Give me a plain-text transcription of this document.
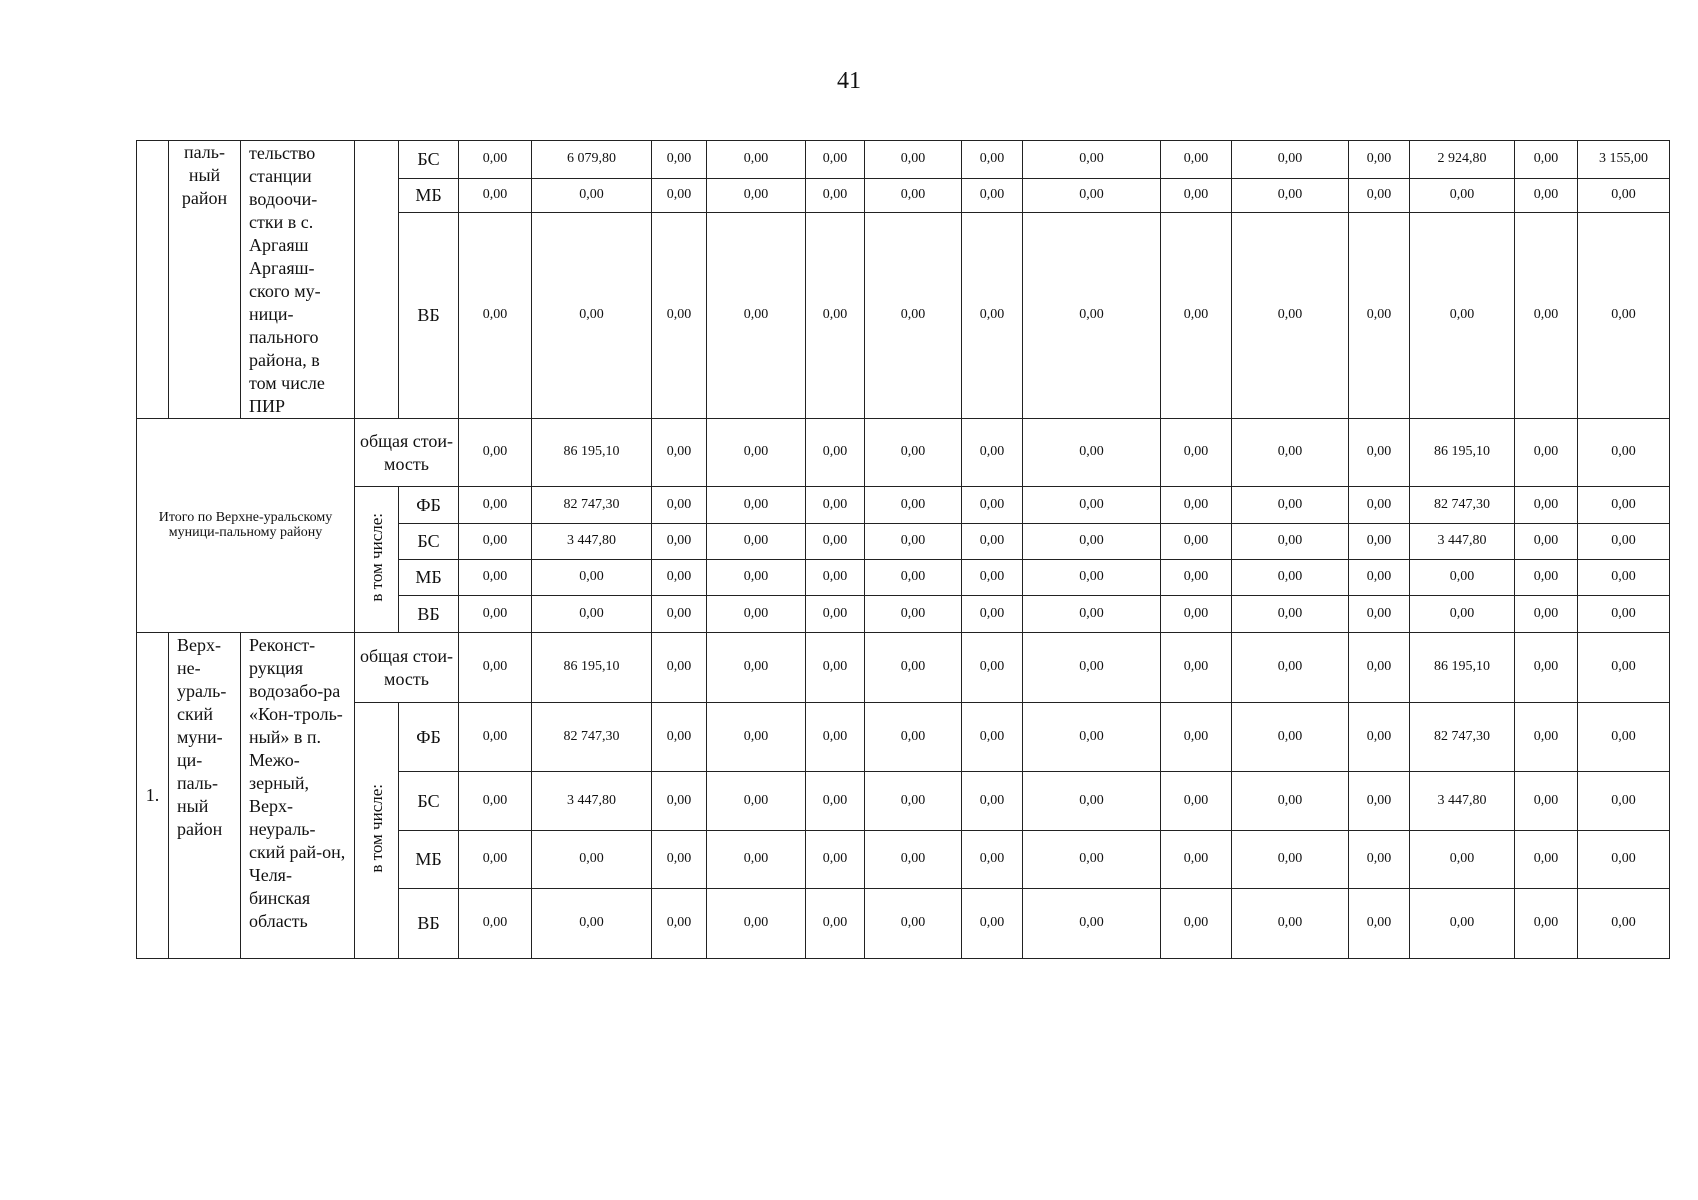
41
	паль-ный район	тельство станции водоочи-стки в с. Аргаяш Аргаяш-ского му-ници-пального района, в том числе ПИР		БС	0,00	6 079,80	0,00	0,00	0,00	0,00	0,00	0,00	0,00	0,00	0,00	2 924,80	0,00	3 155,00
				МБ	0,00	0,00	0,00	0,00	0,00	0,00	0,00	0,00	0,00	0,00	0,00	0,00	0,00	0,00
				ВБ	0,00	0,00	0,00	0,00	0,00	0,00	0,00	0,00	0,00	0,00	0,00	0,00	0,00	0,00
Итого по Верхне-уральскому муници-пальному району			общая стои-мость		0,00	86 195,10	0,00	0,00	0,00	0,00	0,00	0,00	0,00	0,00	0,00	86 195,10	0,00	0,00
			в том числе:	ФБ	0,00	82 747,30	0,00	0,00	0,00	0,00	0,00	0,00	0,00	0,00	0,00	82 747,30	0,00	0,00
				БС	0,00	3 447,80	0,00	0,00	0,00	0,00	0,00	0,00	0,00	0,00	0,00	3 447,80	0,00	0,00
				МБ	0,00	0,00	0,00	0,00	0,00	0,00	0,00	0,00	0,00	0,00	0,00	0,00	0,00	0,00
				ВБ	0,00	0,00	0,00	0,00	0,00	0,00	0,00	0,00	0,00	0,00	0,00	0,00	0,00	0,00
1.	Верх-не-ураль-ский муни-ци-паль-ный район	Реконст-рукция водозабо-ра «Кон-троль-ный» в п. Межо-зерный, Верх-неураль-ский рай-он, Челя-бинская область	общая стои-мость		0,00	86 195,10	0,00	0,00	0,00	0,00	0,00	0,00	0,00	0,00	0,00	86 195,10	0,00	0,00
			в том числе:	ФБ	0,00	82 747,30	0,00	0,00	0,00	0,00	0,00	0,00	0,00	0,00	0,00	82 747,30	0,00	0,00
				БС	0,00	3 447,80	0,00	0,00	0,00	0,00	0,00	0,00	0,00	0,00	0,00	3 447,80	0,00	0,00
				МБ	0,00	0,00	0,00	0,00	0,00	0,00	0,00	0,00	0,00	0,00	0,00	0,00	0,00	0,00
				ВБ	0,00	0,00	0,00	0,00	0,00	0,00	0,00	0,00	0,00	0,00	0,00	0,00	0,00	0,00
